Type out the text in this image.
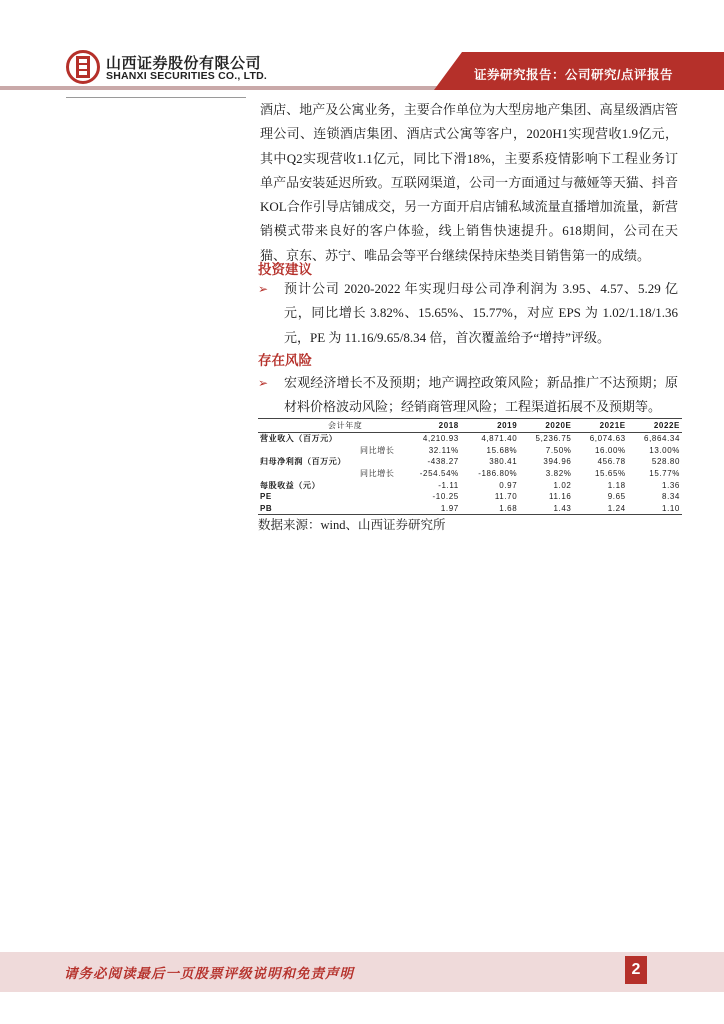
山西证券股份有限公司
SHANXI SECURITIES CO., LTD.	证券研究报告：公司研究/点评报告

酒店、地产及公寓业务，主要合作单位为大型房地产集团、高星级酒店管理公司、连锁酒店集团、酒店式公寓等客户，2020H1实现营收1.9亿元，其中Q2实现营收1.1亿元，同比下滑18%，主要系疫情影响下工程业务订单产品安装延迟所致。互联网渠道，公司一方面通过与薇娅等天猫、抖音KOL合作引导店铺成交，另一方面开启店铺私域流量直播增加流量，新营销模式带来良好的客户体验，线上销售快速提升。618期间，公司在天猫、京东、苏宁、唯品会等平台继续保持床垫类目销售第一的成绩。

投资建议
➢ 预计公司 2020-2022 年实现归母公司净利润为 3.95、4.57、5.29 亿元，同比增长 3.82%、15.65%、15.77%，对应 EPS 为 1.02/1.18/1.36 元，PE 为 11.16/9.65/8.34 倍，首次覆盖给予“增持”评级。

存在风险
➢ 宏观经济增长不及预期；地产调控政策风险；新品推广不达预期；原材料价格波动风险；经销商管理风险；工程渠道拓展不及预期等。

会计年度	2018	2019	2020E	2021E	2022E
营业收入（百万元）	4,210.93	4,871.40	5,236.75	6,074.63	6,864.34
同比增长	32.11%	15.68%	7.50%	16.00%	13.00%
归母净利润（百万元）	-438.27	380.41	394.96	456.78	528.80
同比增长	-254.54%	-186.80%	3.82%	15.65%	15.77%
每股收益（元）	-1.11	0.97	1.02	1.18	1.36
PE	-10.25	11.70	11.16	9.65	8.34
PB	1.97	1.68	1.43	1.24	1.10
数据来源：wind、山西证券研究所
请务必阅读最后一页股票评级说明和免责声明	2
